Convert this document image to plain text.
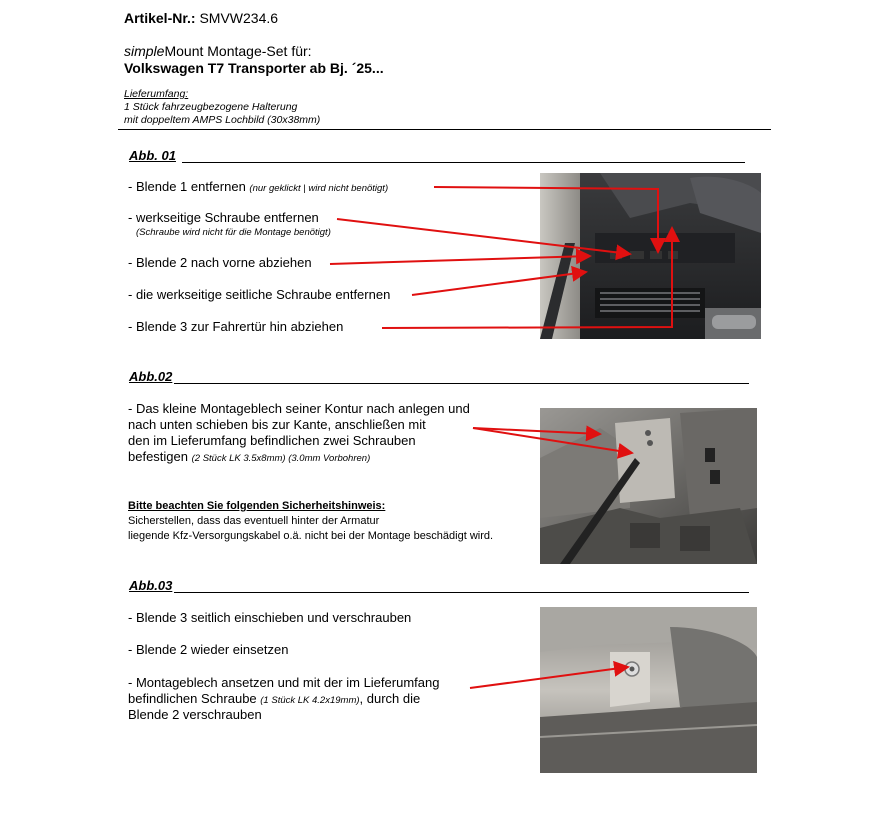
Artikel-Nr.: SMVW234.6
simpleMount Montage-Set für:
Volkswagen T7 Transporter ab Bj. ´25...
Lieferumfang:
1 Stück fahrzeugbezogene Halterung
mit doppeltem AMPS Lochbild (30x38mm)
Abb. 01
- Blende 1 entfernen (nur geklickt | wird nicht benötigt)
- werkseitige Schraube entfernen
(Schraube wird nicht für die Montage benötigt)
- Blende 2 nach vorne abziehen
- die werkseitige seitliche Schraube entfernen
- Blende 3 zur Fahrertür hin abziehen
Abb.02
- Das kleine Montageblech seiner Kontur nach anlegen und
nach unten schieben bis zur Kante, anschließen mit
den im Lieferumfang befindlichen zwei Schrauben
befestigen (2 Stück LK 3.5x8mm) (3.0mm Vorbohren)
Bitte beachten Sie folgenden Sicherheitshinweis:
Sicherstellen, dass das eventuell hinter der Armatur
liegende Kfz-Versorgungskabel o.ä. nicht bei der Montage beschädigt wird.
Abb.03
- Blende 3 seitlich einschieben und verschrauben
- Blende 2 wieder einsetzen
- Montageblech ansetzen und mit der im Lieferumfang
befindlichen Schraube (1 Stück LK 4.2x19mm), durch die
Blende 2 verschrauben
